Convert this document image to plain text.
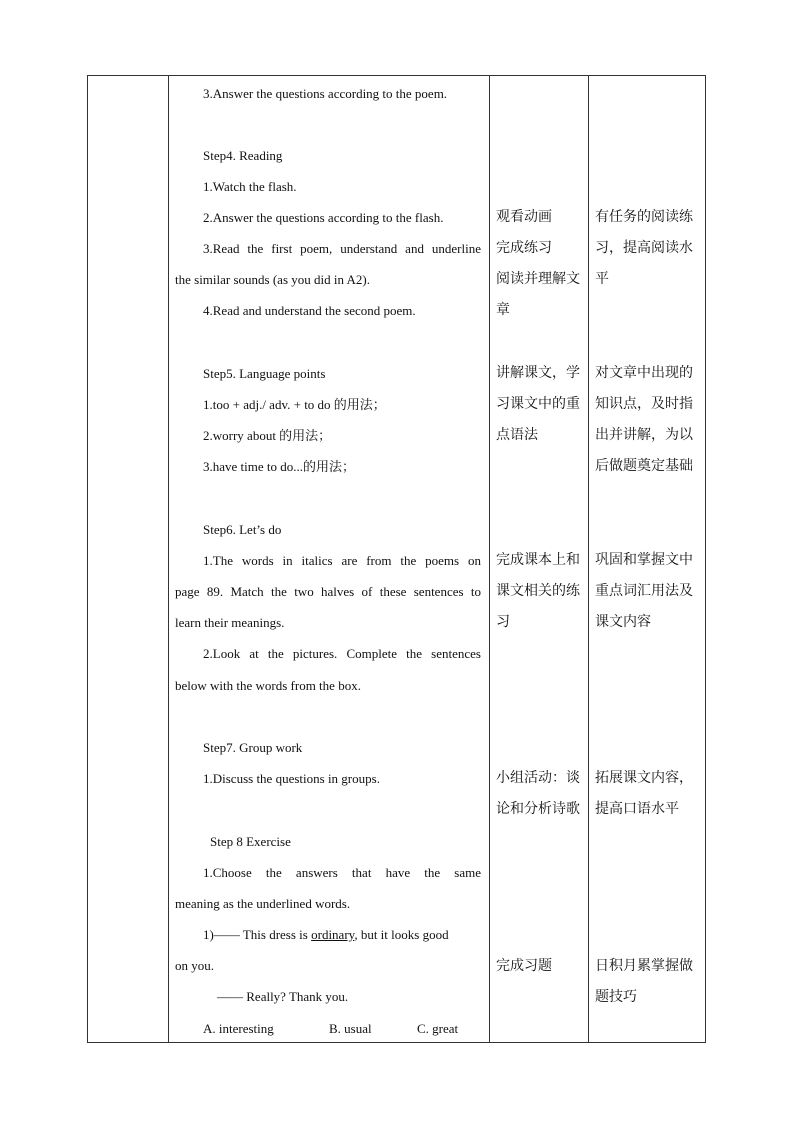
3.Answer the questions according to the poem.
Step4. Reading
1.Watch the flash.
2.Answer the questions according to the flash.
3.Read the first poem, understand and underline
the similar sounds (as you did in A2).
4.Read and understand the second poem.
Step5. Language points
1.too + adj./ adv. + to do 的用法；
2.worry about 的用法；
3.have time to do...的用法；
Step6. Let’s do
1.The words in italics are from the poems on
page 89. Match the two halves of these sentences to
learn their meanings.
2.Look at the pictures. Complete the sentences
below with the words from the box.
Step7. Group work
1.Discuss the questions in groups.
Step 8 Exercise
1.Choose the answers that have the same
meaning as the underlined words.
1)—— This dress is ordinary, but it looks good
on you.
—— Really? Thank you.
A. interesting	B. usual	C. great
观看动画
完成练习
阅读并理解文
章
讲解课文，学
习课文中的重
点语法
完成课本上和
课文相关的练
习
小组活动：谈
论和分析诗歌
完成习题
有任务的阅读练
习，提高阅读水
平
对文章中出现的
知识点，及时指
出并讲解，为以
后做题奠定基础
巩固和掌握文中
重点词汇用法及
课文内容
拓展课文内容，
提高口语水平
日积月累掌握做
题技巧
